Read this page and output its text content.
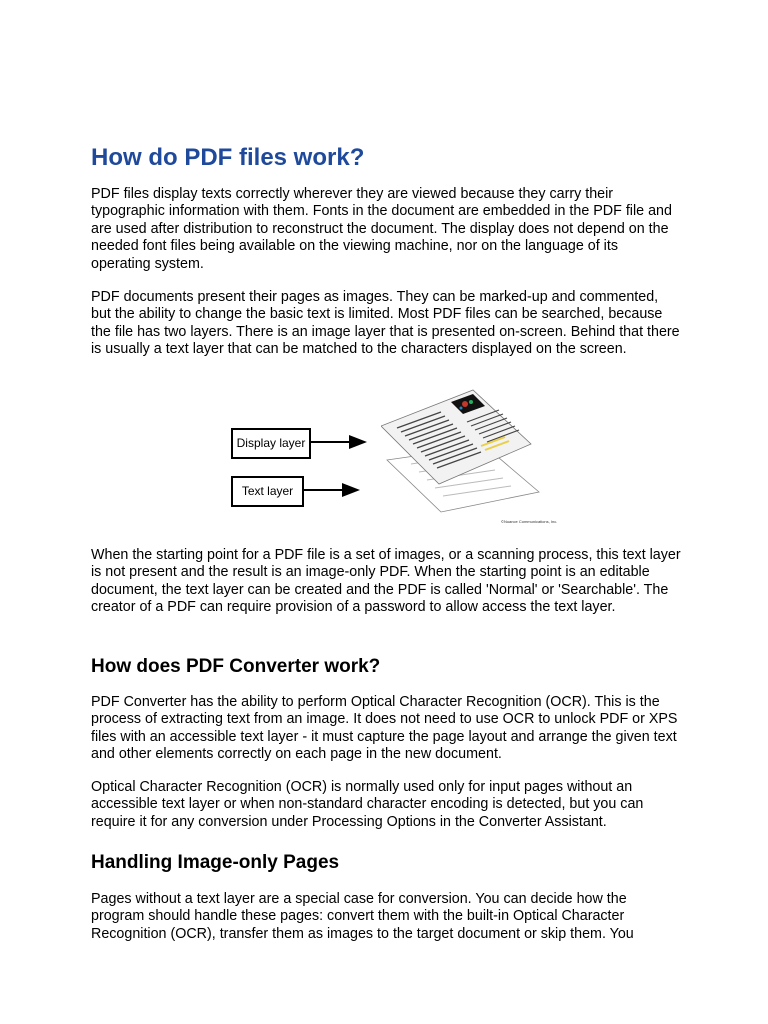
How do PDF files work?

PDF files display texts correctly wherever they are viewed because they carry their typographic information with them. Fonts in the document are embedded in the PDF file and are used after distribution to reconstruct the document. The display does not depend on the needed font files being available on the viewing machine, nor on the language of its operating system.

PDF documents present their pages as images. They can be marked-up and commented, but the ability to change the basic text is limited. Most PDF files can be searched, because the file has two layers. There is an image layer that is presented on-screen. Behind that there is usually a text layer that can be matched to the characters displayed on the screen.

Display layer
Text layer
©Nuance Communications, Inc.

When the starting point for a PDF file is a set of images, or a scanning process, this text layer is not present and the result is an image-only PDF. When the starting point is an editable document, the text layer can be created and the PDF is called 'Normal' or 'Searchable'. The creator of a PDF can require provision of a password to allow access the text layer.

How does PDF Converter work?

PDF Converter has the ability to perform Optical Character Recognition (OCR). This is the process of extracting text from an image. It does not need to use OCR to unlock PDF or XPS files with an accessible text layer - it must capture the page layout and arrange the given text and other elements correctly on each page in the new document.

Optical Character Recognition (OCR) is normally used only for input pages without an accessible text layer or when non-standard character encoding is detected, but you can require it for any conversion under Processing Options in the Converter Assistant.

Handling Image-only Pages

Pages without a text layer are a special case for conversion. You can decide how the program should handle these pages: convert them with the built-in Optical Character Recognition (OCR), transfer them as images to the target document or skip them. You
